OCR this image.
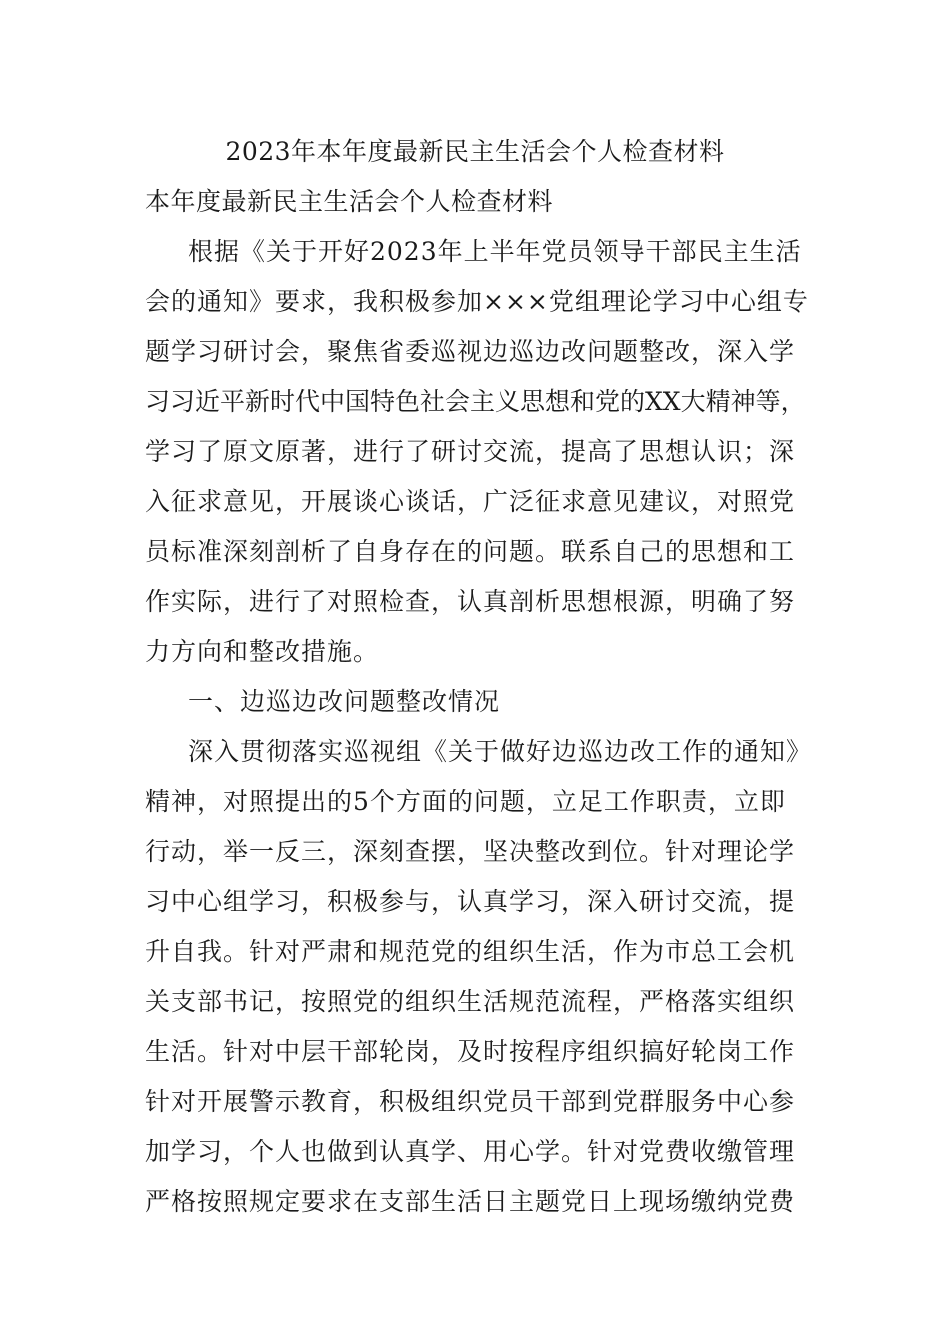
2023年本年度最新民主生活会个人检查材料
本年度最新民主生活会个人检查材料
根据《关于开好2023年上半年党员领导干部民主生活
会的通知》要求，我积极参加×××党组理论学习中心组专
题学习研讨会，聚焦省委巡视边巡边改问题整改，深入学
习习近平新时代中国特色社会主义思想和党的XX大精神等，
学习了原文原著，进行了研讨交流，提高了思想认识；深
入征求意见，开展谈心谈话，广泛征求意见建议，对照党
员标准深刻剖析了自身存在的问题。联系自己的思想和工
作实际，进行了对照检查，认真剖析思想根源，明确了努
力方向和整改措施。
一、边巡边改问题整改情况
深入贯彻落实巡视组《关于做好边巡边改工作的通知》
精神，对照提出的5个方面的问题，立足工作职责，立即
行动，举一反三，深刻查摆，坚决整改到位。针对理论学
习中心组学习，积极参与，认真学习，深入研讨交流，提
升自我。针对严肃和规范党的组织生活，作为市总工会机
关支部书记，按照党的组织生活规范流程，严格落实组织
生活。针对中层干部轮岗，及时按程序组织搞好轮岗工作
针对开展警示教育，积极组织党员干部到党群服务中心参
加学习，个人也做到认真学、用心学。针对党费收缴管理
严格按照规定要求在支部生活日主题党日上现场缴纳党费
